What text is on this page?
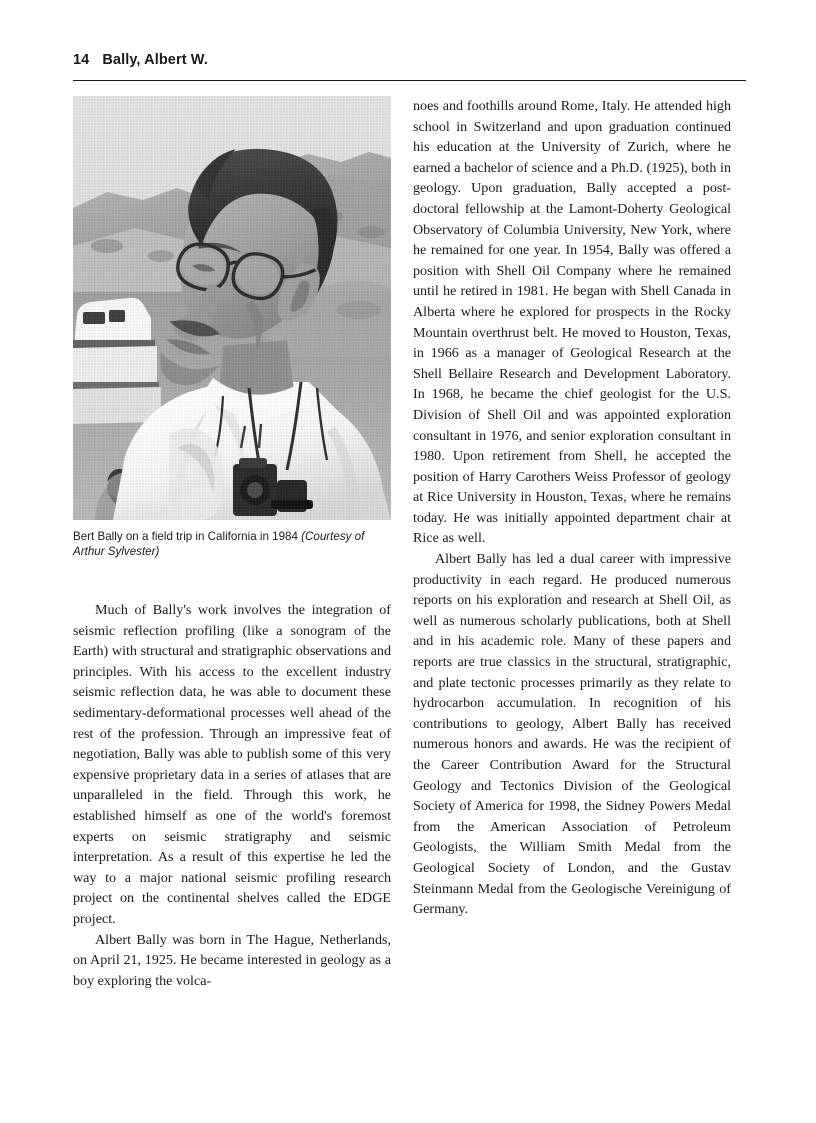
14 Bally, Albert W.
Bert Bally on a field trip in California in 1984 (Courtesy of Arthur Sylvester)

Much of Bally's work involves the integration of seismic reflection profiling (like a sonogram of the Earth) with structural and stratigraphic observations and principles. With his access to the excellent industry seismic reflection data, he was able to document these sedimentary-deformational processes well ahead of the rest of the profession. Through an impressive feat of negotiation, Bally was able to publish some of this very expensive proprietary data in a series of atlases that are unparalleled in the field. Through this work, he established himself as one of the world's foremost experts on seismic stratigraphy and seismic interpretation. As a result of this expertise he led the way to a major national seismic profiling research project on the continental shelves called the EDGE project.

Albert Bally was born in The Hague, Netherlands, on April 21, 1925. He became interested in geology as a boy exploring the volca-

noes and foothills around Rome, Italy. He attended high school in Switzerland and upon graduation continued his education at the University of Zurich, where he earned a bachelor of science and a Ph.D. (1925), both in geology. Upon graduation, Bally accepted a post-doctoral fellowship at the Lamont-Doherty Geological Observatory of Columbia University, New York, where he remained for one year. In 1954, Bally was offered a position with Shell Oil Company where he remained until he retired in 1981. He began with Shell Canada in Alberta where he explored for prospects in the Rocky Mountain overthrust belt. He moved to Houston, Texas, in 1966 as a manager of Geological Research at the Shell Bellaire Research and Development Laboratory. In 1968, he became the chief geologist for the U.S. Division of Shell Oil and was appointed exploration consultant in 1976, and senior exploration consultant in 1980. Upon retirement from Shell, he accepted the position of Harry Carothers Weiss Professor of geology at Rice University in Houston, Texas, where he remains today. He was initially appointed department chair at Rice as well.

Albert Bally has led a dual career with impressive productivity in each regard. He produced numerous reports on his exploration and research at Shell Oil, as well as numerous scholarly publications, both at Shell and in his academic role. Many of these papers and reports are true classics in the structural, stratigraphic, and plate tectonic processes primarily as they relate to hydrocarbon accumulation. In recognition of his contributions to geology, Albert Bally has received numerous honors and awards. He was the recipient of the Career Contribution Award for the Structural Geology and Tectonics Division of the Geological Society of America for 1998, the Sidney Powers Medal from the American Association of Petroleum Geologists, the William Smith Medal from the Geological Society of London, and the Gustav Steinmann Medal from the Geologische Vereinigung of Germany.
